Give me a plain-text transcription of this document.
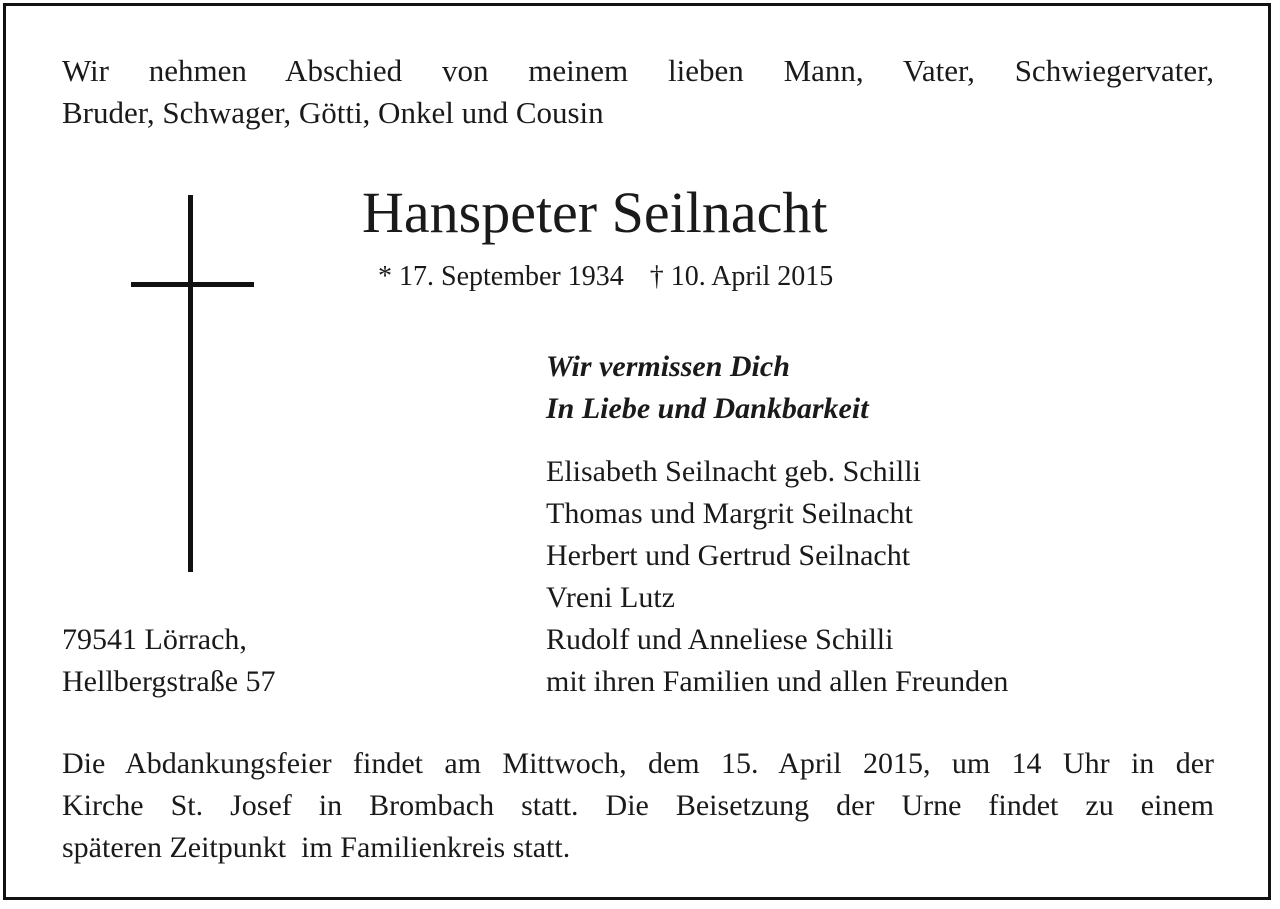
Wir nehmen Abschied von meinem lieben Mann, Vater, Schwiegervater,
Bruder, Schwager, Götti, Onkel und Cousin
Hanspeter Seilnacht
* 17. September 1934 † 10. April 2015
Wir vermissen Dich
In Liebe und Dankbarkeit
Elisabeth Seilnacht geb. Schilli
Thomas und Margrit Seilnacht
Herbert und Gertrud Seilnacht
Vreni Lutz
Rudolf und Anneliese Schilli
mit ihren Familien und allen Freunden
79541 Lörrach,
Hellbergstraße 57
Die Abdankungsfeier findet am Mittwoch, dem 15. April 2015, um 14 Uhr in der
Kirche St. Josef in Brombach statt. Die Beisetzung der Urne findet zu einem
späteren Zeitpunkt  im Familienkreis statt.
